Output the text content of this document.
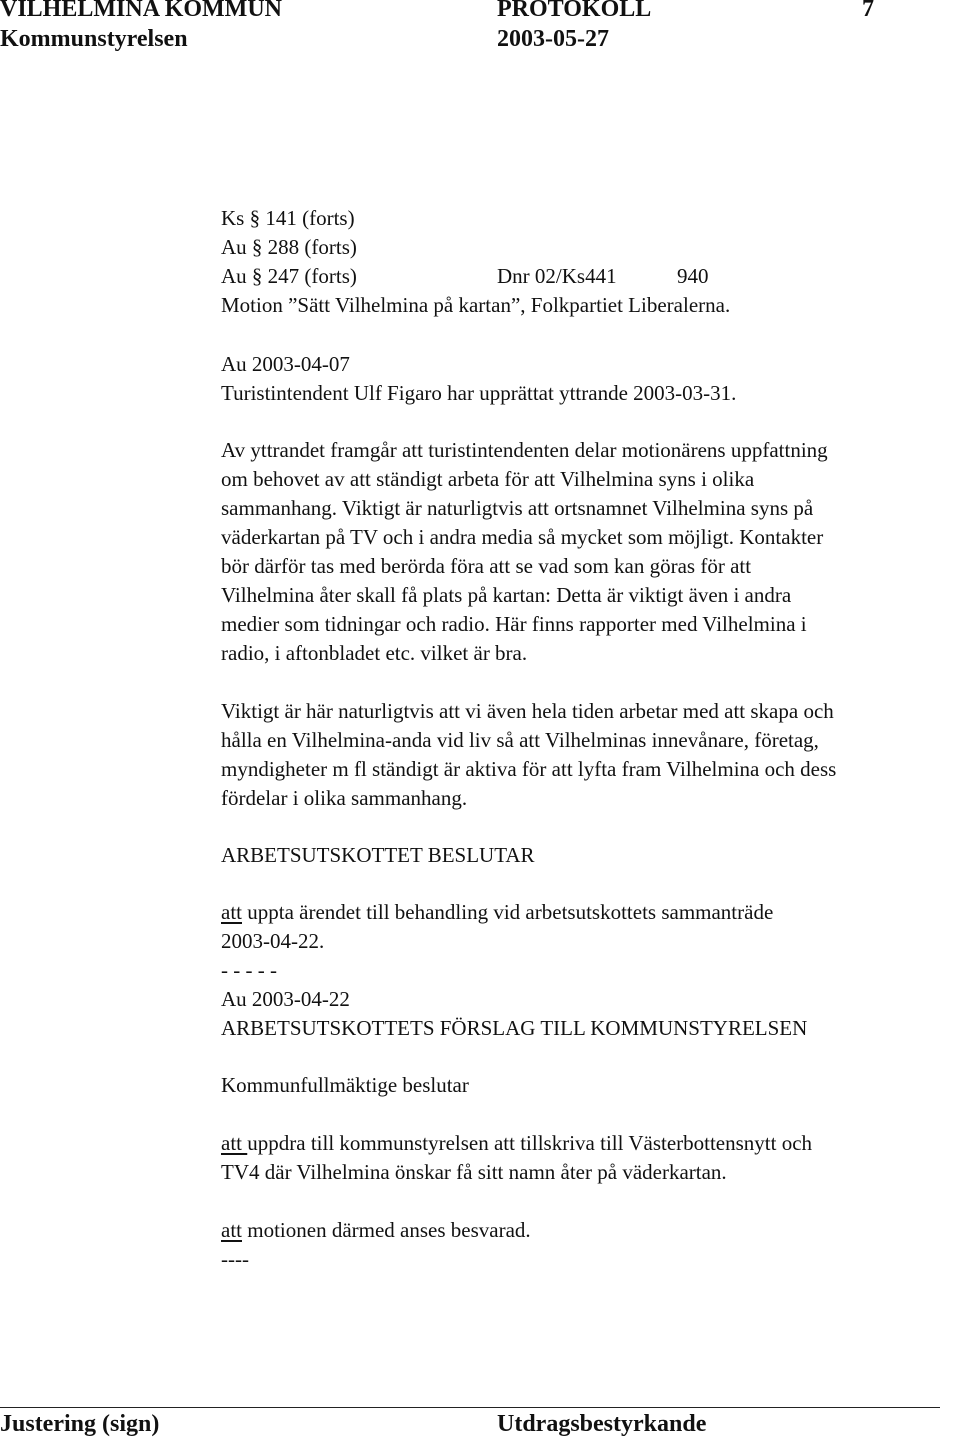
VILHELMINA KOMMUN	PROTOKOLL	7
Kommunstyrelsen	2003-05-27
Ks § 141 (forts)
Au § 288 (forts)
Au § 247 (forts)	Dnr 02/Ks441	940
Motion ”Sätt Vilhelmina på kartan”, Folkpartiet Liberalerna.
Au 2003-04-07
Turistintendent Ulf Figaro har upprättat yttrande 2003-03-31.
Av yttrandet framgår att turistintendenten delar motionärens uppfattning
om behovet av att ständigt arbeta för att Vilhelmina syns i olika
sammanhang. Viktigt är naturligtvis att ortsnamnet Vilhelmina syns på
väderkartan på TV och i andra media så mycket som möjligt. Kontakter
bör därför tas med berörda föra att se vad som kan göras för att
Vilhelmina åter skall få plats på kartan: Detta är viktigt även i andra
medier som tidningar och radio. Här finns rapporter med Vilhelmina i
radio, i aftonbladet etc. vilket är bra.
Viktigt är här naturligtvis att vi även hela tiden arbetar med att skapa och
hålla en Vilhelmina-anda vid liv så att Vilhelminas innevånare, företag,
myndigheter m fl ständigt är aktiva för att lyfta fram Vilhelmina och dess
fördelar i olika sammanhang.
ARBETSUTSKOTTET BESLUTAR
att uppta ärendet till behandling vid arbetsutskottets sammanträde
2003-04-22.
- - - - -
Au 2003-04-22
ARBETSUTSKOTTETS FÖRSLAG TILL KOMMUNSTYRELSEN
Kommunfullmäktige beslutar
att uppdra till kommunstyrelsen att tillskriva till Västerbottensnytt och
TV4 där Vilhelmina önskar få sitt namn åter på väderkartan.
att motionen därmed anses besvarad.
----
Justering (sign)	Utdragsbestyrkande
